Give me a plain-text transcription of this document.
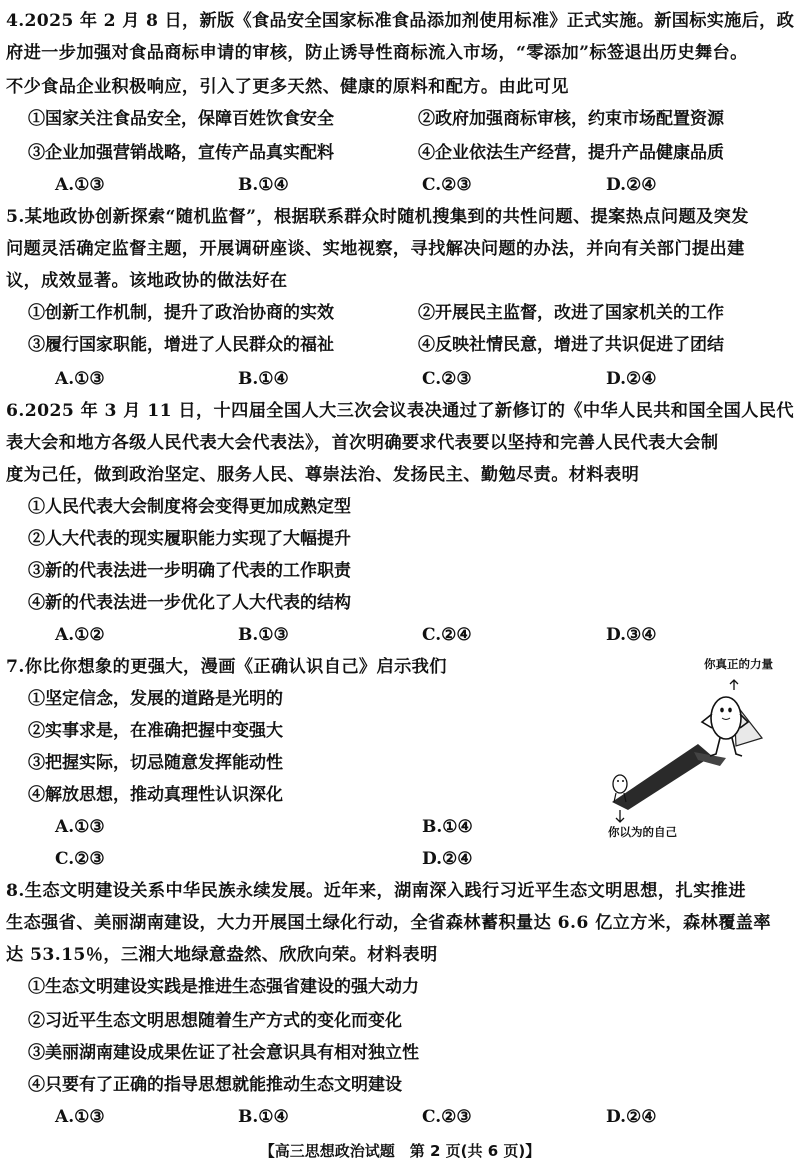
4.2025 年 2 月 8 日，新版《食品安全国家标准食品添加剂使用标准》正式实施。新国标实施后，政
府进一步加强对食品商标申请的审核，防止诱导性商标流入市场，“零添加”标签退出历史舞台。
不少食品企业积极响应，引入了更多天然、健康的原料和配方。由此可见
①国家关注食品安全，保障百姓饮食安全	②政府加强商标审核，约束市场配置资源
③企业加强营销战略，宣传产品真实配料	④企业依法生产经营，提升产品健康品质
A.①③	B.①④	C.②③	D.②④
5.某地政协创新探索“随机监督”，根据联系群众时随机搜集到的共性问题、提案热点问题及突发
问题灵活确定监督主题，开展调研座谈、实地视察，寻找解决问题的办法，并向有关部门提出建
议，成效显著。该地政协的做法好在
①创新工作机制，提升了政治协商的实效	②开展民主监督，改进了国家机关的工作
③履行国家职能，增进了人民群众的福祉	④反映社情民意，增进了共识促进了团结
A.①③	B.①④	C.②③	D.②④
6.2025 年 3 月 11 日，十四届全国人大三次会议表决通过了新修订的《中华人民共和国全国人民代
表大会和地方各级人民代表大会代表法》，首次明确要求代表要以坚持和完善人民代表大会制
度为己任，做到政治坚定、服务人民、尊崇法治、发扬民主、勤勉尽责。材料表明
①人民代表大会制度将会变得更加成熟定型
②人大代表的现实履职能力实现了大幅提升
③新的代表法进一步明确了代表的工作职责
④新的代表法进一步优化了人大代表的结构
A.①②	B.①③	C.②④	D.③④
7.你比你想象的更强大，漫画《正确认识自己》启示我们
①坚定信念，发展的道路是光明的
②实事求是，在准确把握中变强大
③把握实际，切忌随意发挥能动性
④解放思想，推动真理性认识深化
A.①③	B.①④
C.②③	D.②④
你真正的力量
你以为的自己
8.生态文明建设关系中华民族永续发展。近年来，湖南深入践行习近平生态文明思想，扎实推进
生态强省、美丽湖南建设，大力开展国土绿化行动，全省森林蓄积量达 6.6 亿立方米，森林覆盖率
达 53.15％，三湘大地绿意盎然、欣欣向荣。材料表明
①生态文明建设实践是推进生态强省建设的强大动力
②习近平生态文明思想随着生产方式的变化而变化
③美丽湖南建设成果佐证了社会意识具有相对独立性
④只要有了正确的指导思想就能推动生态文明建设
A.①③	B.①④	C.②③	D.②④
【高三思想政治试题　第 2 页(共 6 页)】
